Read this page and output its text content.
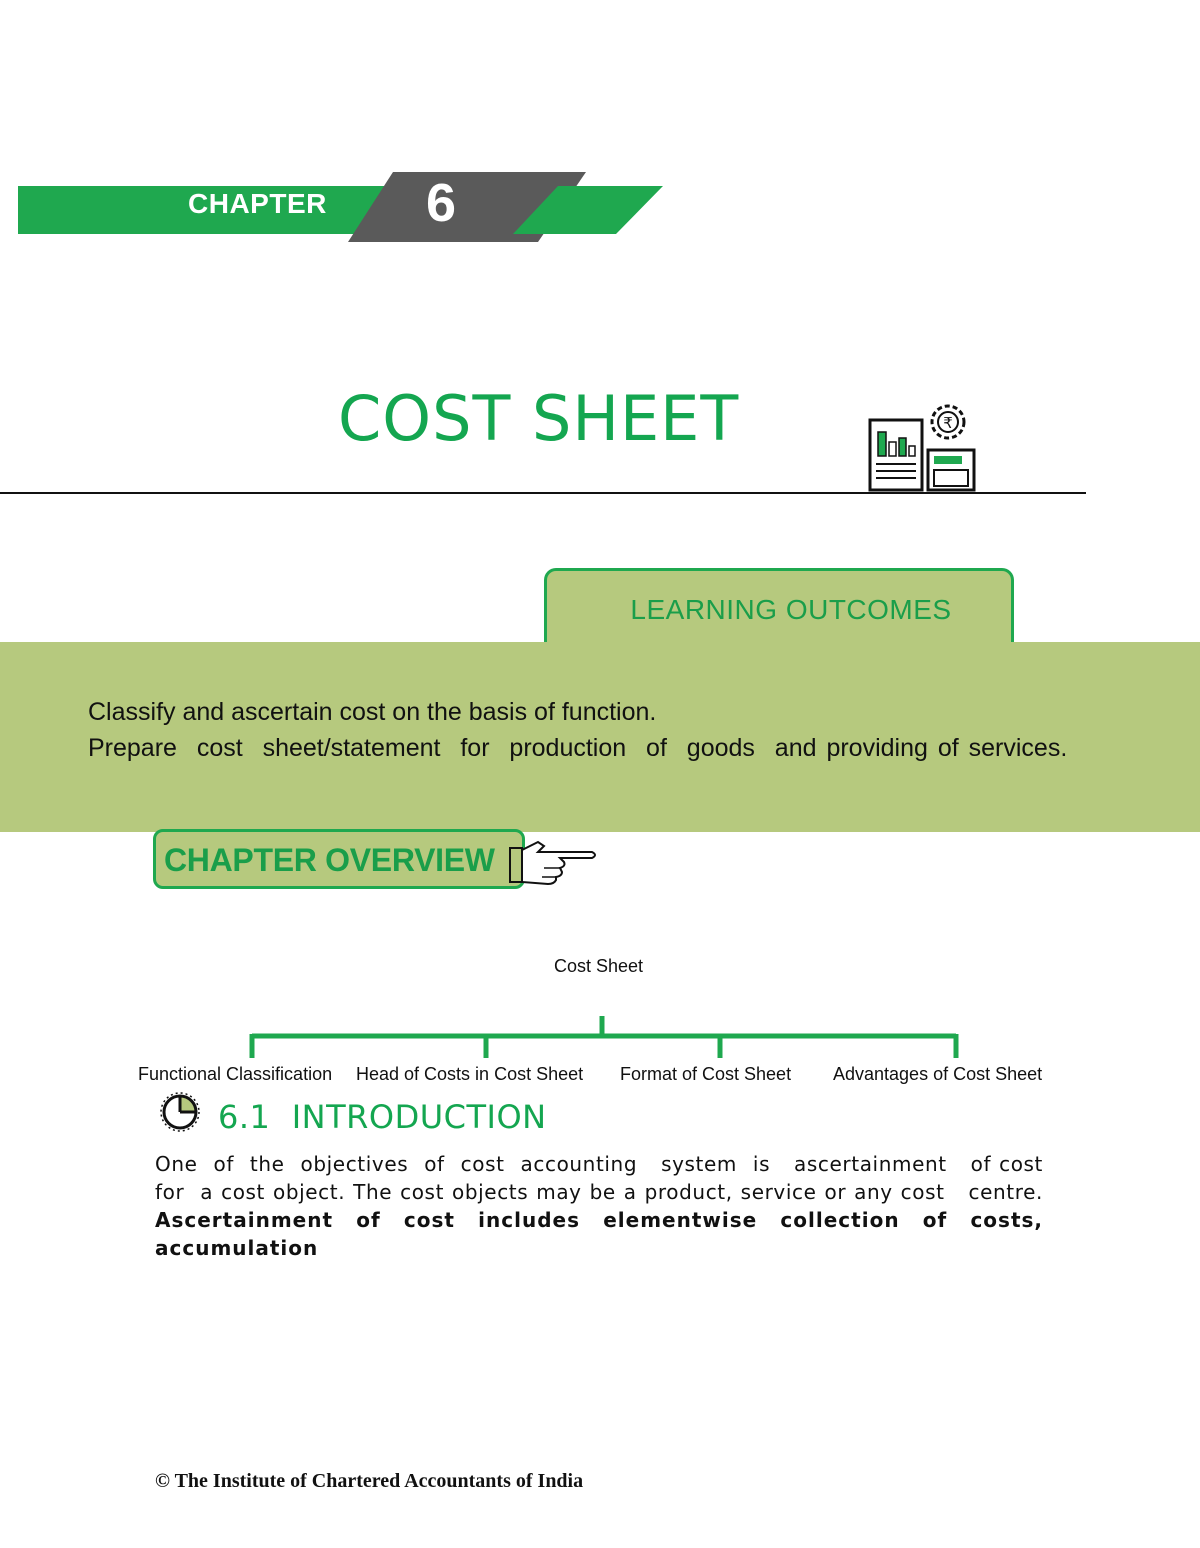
CHAPTER 6
COST SHEET	₹
LEARNING OUTCOMES
Classify and ascertain cost on the basis of function.
Prepare  cost  sheet/statement  for  production  of  goods  and providing of services.
CHAPTER OVERVIEW
Cost Sheet
Functional Classification Head of Costs in Cost Sheet Format of Cost Sheet Advantages of Cost Sheet
6.1  INTRODUCTION
One  of  the  objectives  of  cost  accounting   system  is   ascertainment   of cost  for  a cost object. The cost objects may be a product, service or any cost   centre. Ascertainment of cost includes elementwise collection of costs, accumulation
© The Institute of Chartered Accountants of India
